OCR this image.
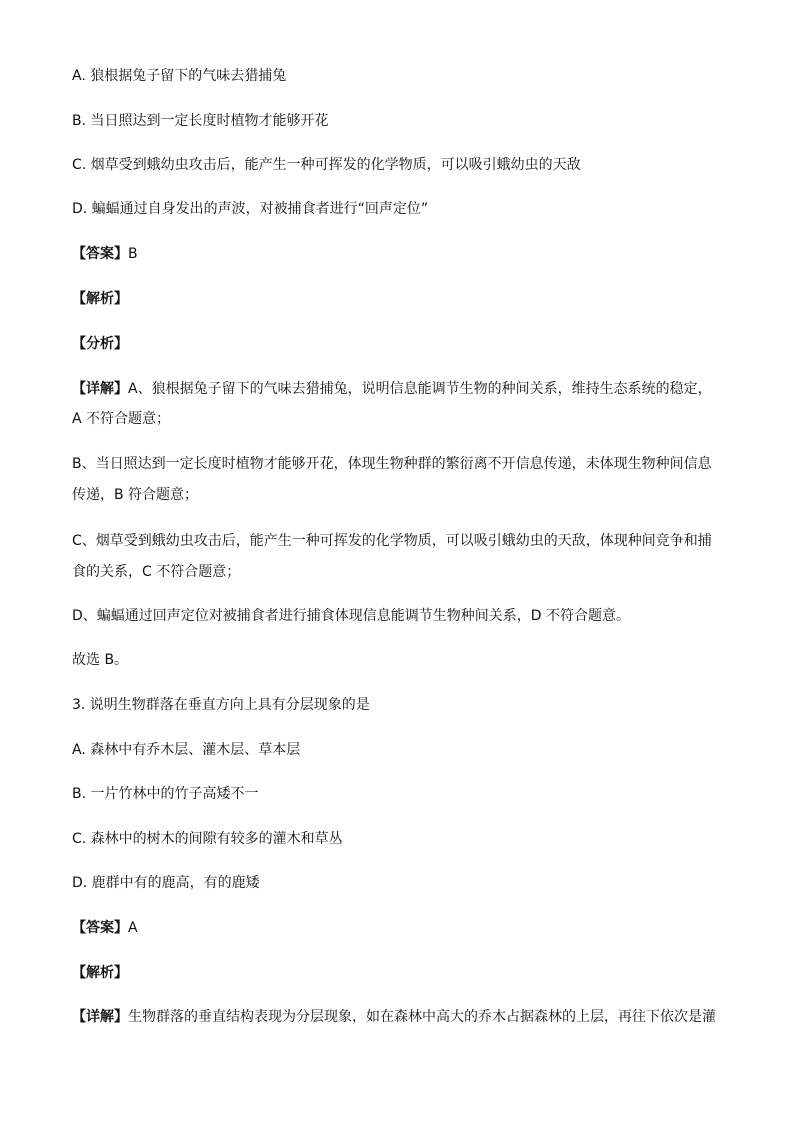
A. 狼根据兔子留下的气味去猎捕兔
B. 当日照达到一定长度时植物才能够开花
C. 烟草受到蛾幼虫攻击后，能产生一种可挥发的化学物质，可以吸引蛾幼虫的天敌
D. 蝙蝠通过自身发出的声波，对被捕食者进行“回声定位”
【答案】B
【解析】
【分析】
【详解】A、狼根据兔子留下的气味去猎捕兔，说明信息能调节生物的种间关系，维持生态系统的稳定，
A 不符合题意；
B、当日照达到一定长度时植物才能够开花，体现生物种群的繁衍离不开信息传递，未体现生物种间信息
传递，B 符合题意；
C、烟草受到蛾幼虫攻击后，能产生一种可挥发的化学物质，可以吸引蛾幼虫的天敌，体现种间竞争和捕
食的关系，C 不符合题意；
D、蝙蝠通过回声定位对被捕食者进行捕食体现信息能调节生物种间关系，D 不符合题意。
故选 B。
3. 说明生物群落在垂直方向上具有分层现象的是
A. 森林中有乔木层、灌木层、草本层
B. 一片竹林中的竹子高矮不一
C. 森林中的树木的间隙有较多的灌木和草丛
D. 鹿群中有的鹿高，有的鹿矮
【答案】A
【解析】
【详解】生物群落的垂直结构表现为分层现象，如在森林中高大的乔木占据森林的上层，再往下依次是灌
